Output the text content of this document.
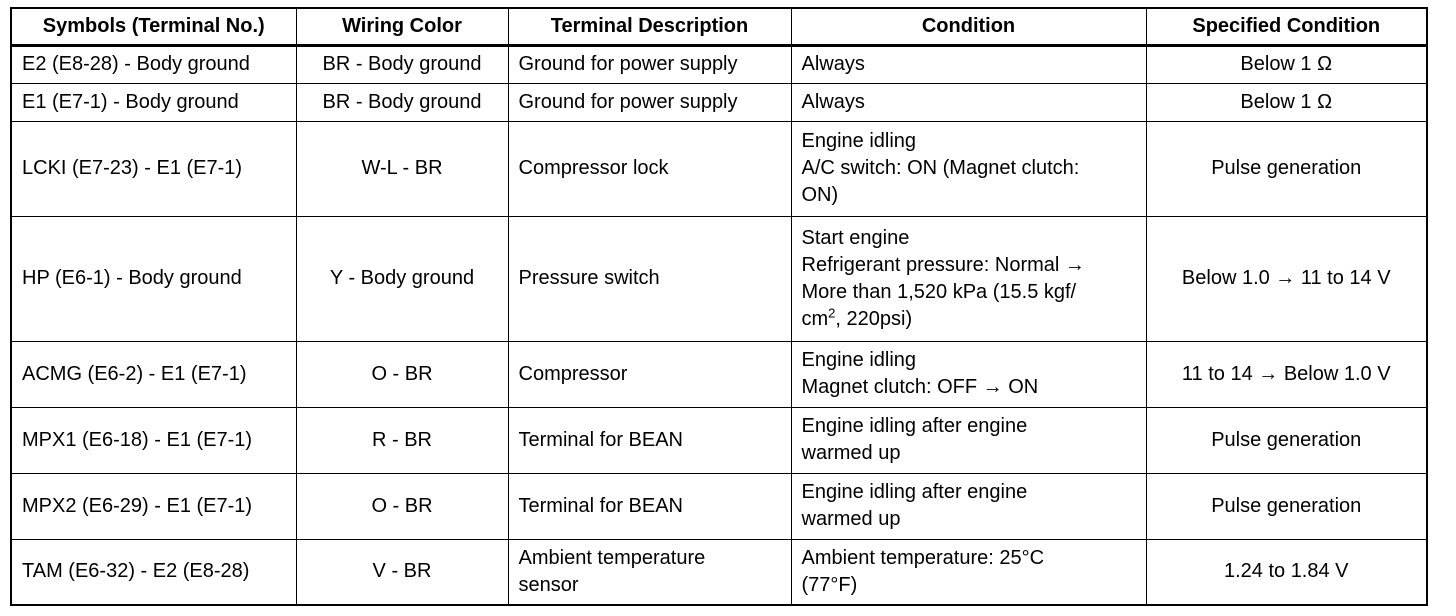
Symbols (Terminal No.)	Wiring Color	Terminal Description	Condition	Specified Condition
E2 (E8-28) - Body ground	BR - Body ground	Ground for power supply	Always	Below 1 Ω
E1 (E7-1) - Body ground	BR - Body ground	Ground for power supply	Always	Below 1 Ω
LCKI (E7-23) - E1 (E7-1)	W-L - BR	Compressor lock	Engine idling
A/C switch: ON (Magnet clutch:
ON)	Pulse generation
HP (E6-1) - Body ground	Y - Body ground	Pressure switch	Start engine
Refrigerant pressure: Normal →
More than 1,520 kPa (15.5 kgf/
$cm^2$, 220psi)	Below 1.0 → 11 to 14 V
ACMG (E6-2) - E1 (E7-1)	O - BR	Compressor	Engine idling
Magnet clutch: OFF → ON	11 to 14 → Below 1.0 V
MPX1 (E6-18) - E1 (E7-1)	R - BR	Terminal for BEAN	Engine idling after engine
warmed up	Pulse generation
MPX2 (E6-29) - E1 (E7-1)	O - BR	Terminal for BEAN	Engine idling after engine
warmed up	Pulse generation
TAM (E6-32) - E2 (E8-28)	V - BR	Ambient temperature
sensor	Ambient temperature: 25°C
(77°F)	1.24 to 1.84 V
